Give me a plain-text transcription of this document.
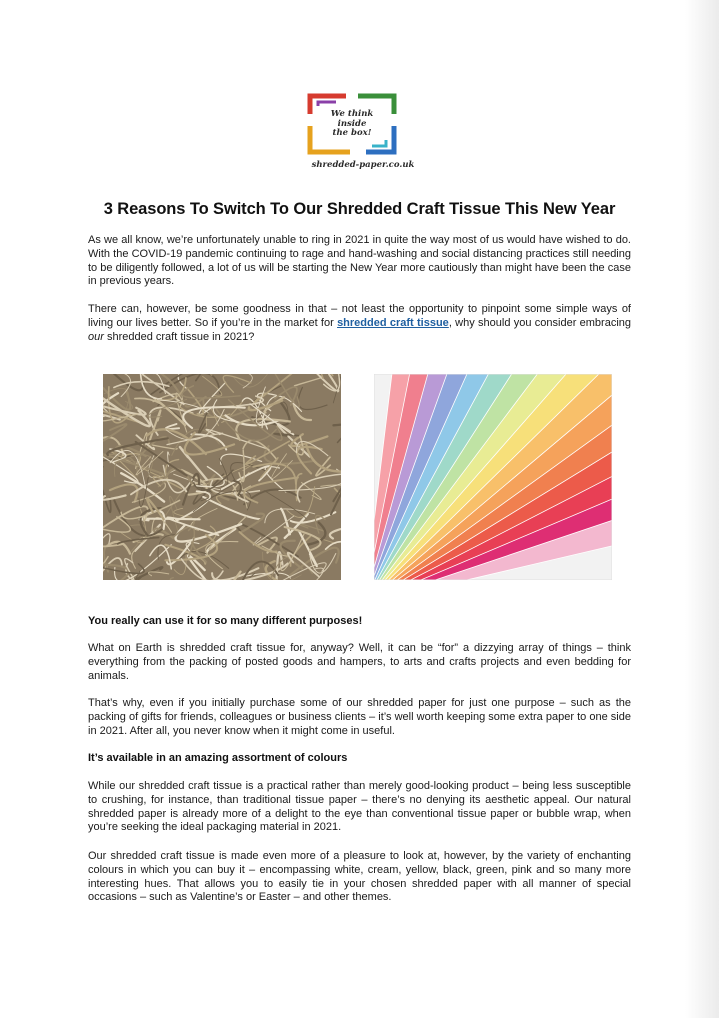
We think
inside
the box!
shredded-paper.co.uk
3 Reasons To Switch To Our Shredded Craft Tissue This New Year

As we all know, we’re unfortunately unable to ring in 2021 in quite the way most of us would have wished to do. With the COVID-19 pandemic continuing to rage and hand-washing and social distancing practices still needing to be diligently followed, a lot of us will be starting the New Year more cautiously than might have been the case in previous years.

There can, however, be some goodness in that – not least the opportunity to pinpoint some simple ways of living our lives better. So if you’re in the market for shredded craft tissue, why should you consider embracing our shredded craft tissue in 2021?

You really can use it for so many different purposes!

What on Earth is shredded craft tissue for, anyway? Well, it can be “for” a dizzying array of things – think everything from the packing of posted goods and hampers, to arts and crafts projects and even bedding for animals.

That’s why, even if you initially purchase some of our shredded paper for just one purpose – such as the packing of gifts for friends, colleagues or business clients – it’s well worth keeping some extra paper to one side in 2021. After all, you never know when it might come in useful.

It’s available in an amazing assortment of colours

While our shredded craft tissue is a practical rather than merely good-looking product – being less susceptible to crushing, for instance, than traditional tissue paper – there’s no denying its aesthetic appeal. Our natural shredded paper is already more of a delight to the eye than conventional tissue paper or bubble wrap, when you’re seeking the ideal packaging material in 2021.

Our shredded craft tissue is made even more of a pleasure to look at, however, by the variety of enchanting colours in which you can buy it – encompassing white, cream, yellow, black, green, pink and so many more interesting hues. That allows you to easily tie in your chosen shredded paper with all manner of special occasions – such as Valentine’s or Easter – and other themes.
